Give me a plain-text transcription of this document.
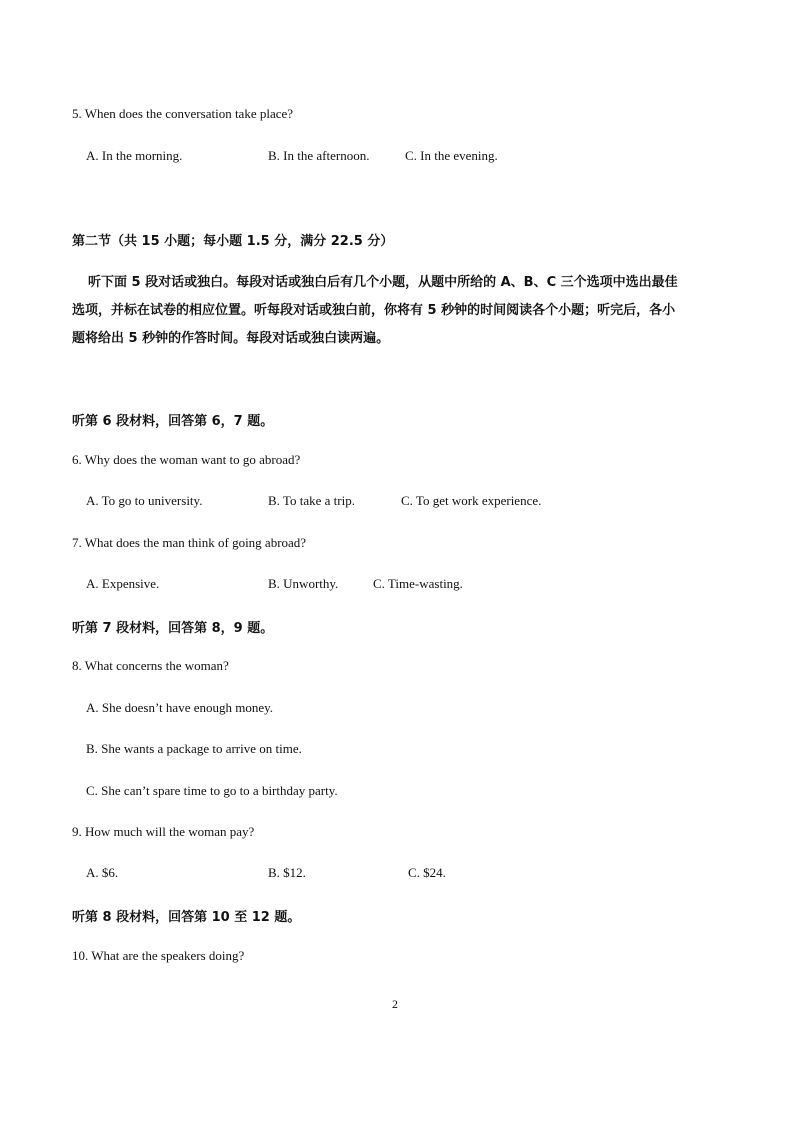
5. When does the conversation take place?
A. In the morning.	B. In the afternoon.	C. In the evening.
第二节（共 15 小题；每小题 1.5 分，满分 22.5 分）
听下面 5 段对话或独白。每段对话或独白后有几个小题，从题中所给的 A、B、C 三个选项中选出最佳
选项，并标在试卷的相应位置。听每段对话或独白前，你将有 5 秒钟的时间阅读各个小题；听完后，各小
题将给出 5 秒钟的作答时间。每段对话或独白读两遍。
听第 6 段材料，回答第 6，7 题。
6. Why does the woman want to go abroad?
A. To go to university.	B. To take a trip.	C. To get work experience.
7. What does the man think of going abroad?
A. Expensive.	B. Unworthy.	C. Time-wasting.
听第 7 段材料，回答第 8，9 题。
8. What concerns the woman?
A. She doesn’t have enough money.
B. She wants a package to arrive on time.
C. She can’t spare time to go to a birthday party.
9. How much will the woman pay?
A. $6.	B. $12.	C. $24.
听第 8 段材料，回答第 10 至 12 题。
10. What are the speakers doing?
2
